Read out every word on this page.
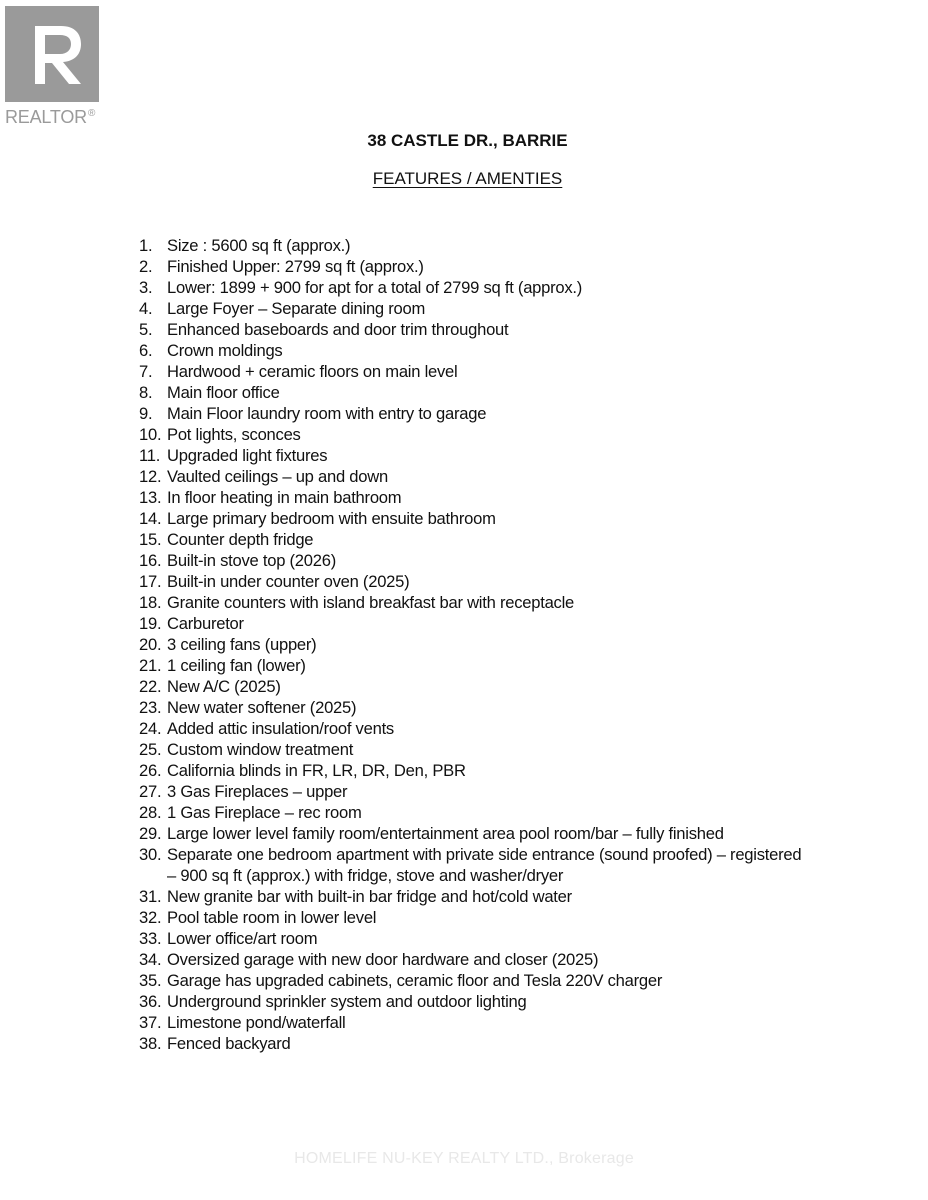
REALTOR®
38 CASTLE DR., BARRIE
FEATURES / AMENTIES
1. Size : 5600 sq ft (approx.)
2. Finished Upper: 2799 sq ft (approx.)
3. Lower: 1899 + 900 for apt for a total of 2799 sq ft (approx.)
4. Large Foyer – Separate dining room
5. Enhanced baseboards and door trim throughout
6. Crown moldings
7. Hardwood + ceramic floors on main level
8. Main floor office
9. Main Floor laundry room with entry to garage
10. Pot lights, sconces
11. Upgraded light fixtures
12. Vaulted ceilings – up and down
13. In floor heating in main bathroom
14. Large primary bedroom with ensuite bathroom
15. Counter depth fridge
16. Built-in stove top (2026)
17. Built-in under counter oven (2025)
18. Granite counters with island breakfast bar with receptacle
19. Carburetor
20. 3 ceiling fans (upper)
21. 1 ceiling fan (lower)
22. New A/C (2025)
23. New water softener (2025)
24. Added attic insulation/roof vents
25. Custom window treatment
26. California blinds in FR, LR, DR, Den, PBR
27. 3 Gas Fireplaces – upper
28. 1 Gas Fireplace – rec room
29. Large lower level family room/entertainment area pool room/bar – fully finished
30. Separate one bedroom apartment with private side entrance (sound proofed) – registered – 900 sq ft (approx.) with fridge, stove and washer/dryer
31. New granite bar with built-in bar fridge and hot/cold water
32. Pool table room in lower level
33. Lower office/art room
34. Oversized garage with new door hardware and closer (2025)
35. Garage has upgraded cabinets, ceramic floor and Tesla 220V charger
36. Underground sprinkler system and outdoor lighting
37. Limestone pond/waterfall
38. Fenced backyard
HOMELIFE NU-KEY REALTY LTD., Brokerage
